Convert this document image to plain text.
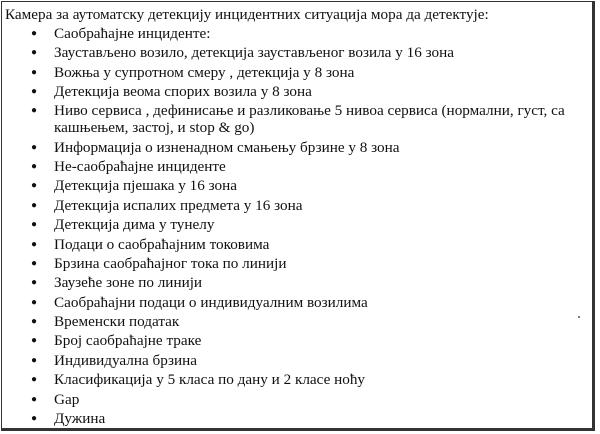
Камера за аутоматску детекцију инцидентних ситуација мора да детектује:

● Саобраћајне инциденте:
● Заустављено возило, детекција заустављеног возила у 16 зона
● Вожња у супротном смеру , детекција у 8 зона
● Детекција веома спорих возила у 8 зона
● Ниво сервиса , дефинисање и разликовање 5 нивоа сервиса (нормални, густ, са кашњењем, застој, и stop & go)
● Информација о изненадном смањењу брзине у 8 зона
● Не-саобраћајне инциденте
● Детекција пјешака у 16 зона
● Детекција испалих предмета у 16 зона
● Детекција дима у тунелу
● Подаци о саобраћајним токовима
● Брзина саобраћајног тока по линији
● Заузеће зоне по линији
● Саобраћајни подаци о индивидуалним возилима
● Временски податак
● Број саобраћајне траке
● Индивидуална брзина
● Класификација у 5 класа по дану и 2 класе ноћу
● Gap
● Дужина
